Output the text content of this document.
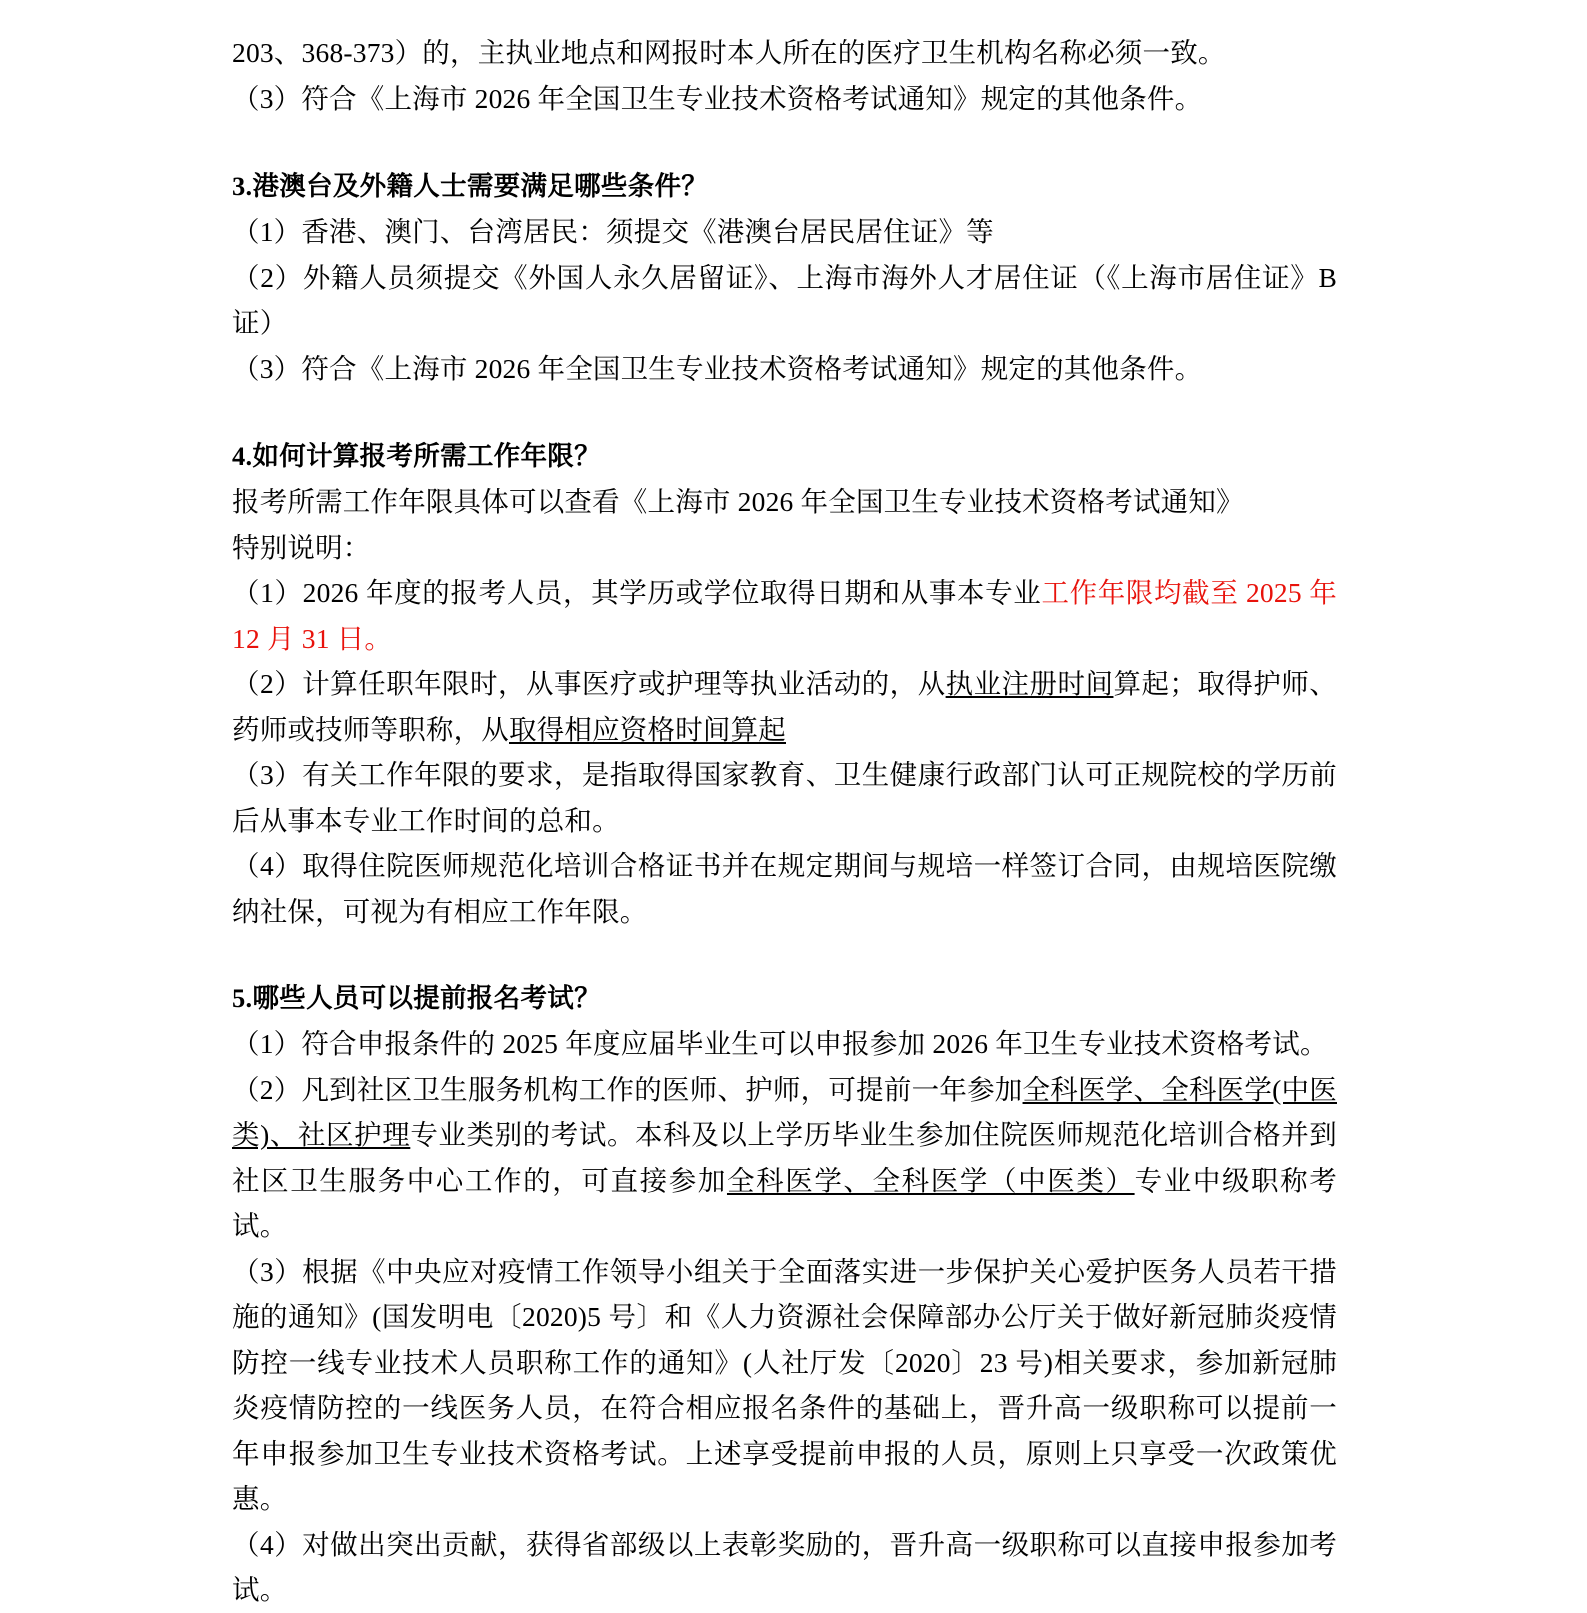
203、368-373）的，主执业地点和网报时本人所在的医疗卫生机构名称必须一致。

（3）符合《上海市 2026 年全国卫生专业技术资格考试通知》规定的其他条件。

3.港澳台及外籍人士需要满足哪些条件？

（1）香港、澳门、台湾居民：须提交《港澳台居民居住证》等

（2）外籍人员须提交《外国人永久居留证》、上海市海外人才居住证（《上海市居住证》B 证）

（3）符合《上海市 2026 年全国卫生专业技术资格考试通知》规定的其他条件。

4.如何计算报考所需工作年限？

报考所需工作年限具体可以查看《上海市 2026 年全国卫生专业技术资格考试通知》

特别说明：

（1）2026 年度的报考人员，其学历或学位取得日期和从事本专业工作年限均截至 2025 年 12 月 31 日。

（2）计算任职年限时，从事医疗或护理等执业活动的，从执业注册时间算起；取得护师、药师或技师等职称，从取得相应资格时间算起

（3）有关工作年限的要求，是指取得国家教育、卫生健康行政部门认可正规院校的学历前后从事本专业工作时间的总和。

（4）取得住院医师规范化培训合格证书并在规定期间与规培一样签订合同，由规培医院缴纳社保，可视为有相应工作年限。

5.哪些人员可以提前报名考试？

（1）符合申报条件的 2025 年度应届毕业生可以申报参加 2026 年卫生专业技术资格考试。

（2）凡到社区卫生服务机构工作的医师、护师，可提前一年参加全科医学、全科医学(中医类)、社区护理专业类别的考试。本科及以上学历毕业生参加住院医师规范化培训合格并到社区卫生服务中心工作的，可直接参加全科医学、全科医学（中医类）专业中级职称考试。

（3）根据《中央应对疫情工作领导小组关于全面落实进一步保护关心爱护医务人员若干措施的通知》(国发明电〔2020)5 号〕和《人力资源社会保障部办公厅关于做好新冠肺炎疫情防控一线专业技术人员职称工作的通知》(人社厅发〔2020〕23 号)相关要求，参加新冠肺炎疫情防控的一线医务人员，在符合相应报名条件的基础上，晋升高一级职称可以提前一年申报参加卫生专业技术资格考试。上述享受提前申报的人员，原则上只享受一次政策优惠。

（4）对做出突出贡献，获得省部级以上表彰奖励的，晋升高一级职称可以直接申报参加考试。
